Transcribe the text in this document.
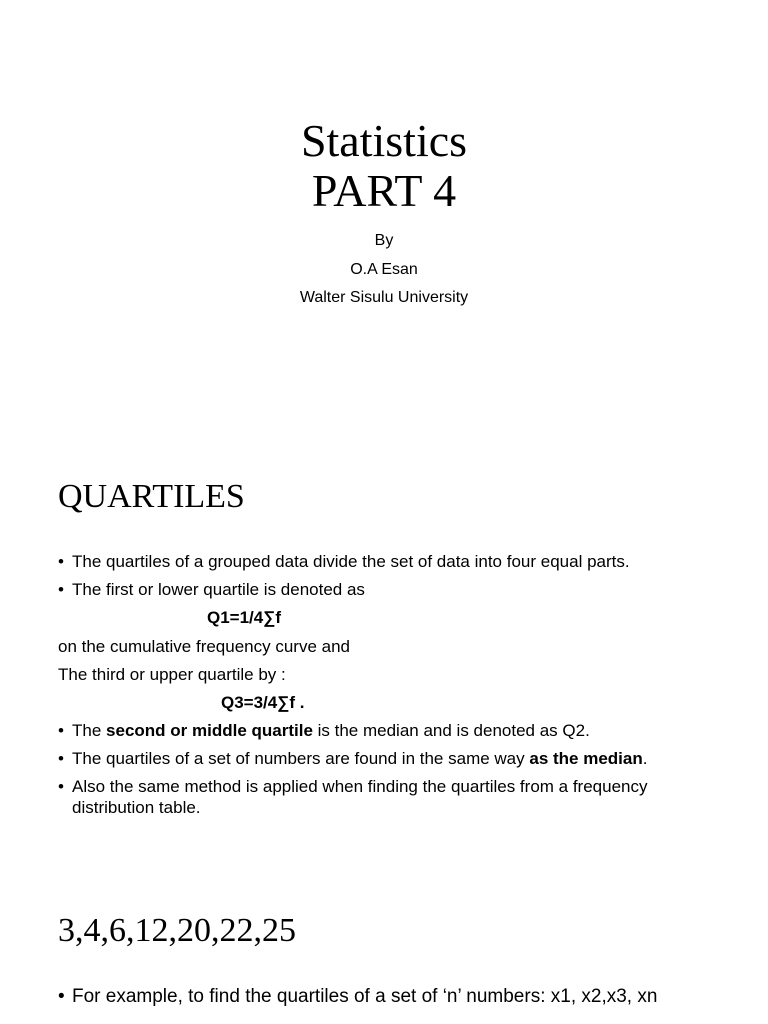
Statistics
PART 4
By
O.A Esan
Walter Sisulu University
QUARTILES
• The quartiles of a grouped data divide the set of data into four equal parts.
• The first or lower quartile is denoted as
Q1=1/4∑f
on the cumulative frequency curve and
The third or upper quartile by :
Q3=3/4∑f .
• The second or middle quartile is the median and is denoted as Q2.
• The quartiles of a set of numbers are found in the same way as the median.
• Also the same method is applied when finding the quartiles from a frequency distribution table.
3,4,6,12,20,22,25
• For example, to find the quartiles of a set of ‘n’ numbers: x1, x2,x3, xn
